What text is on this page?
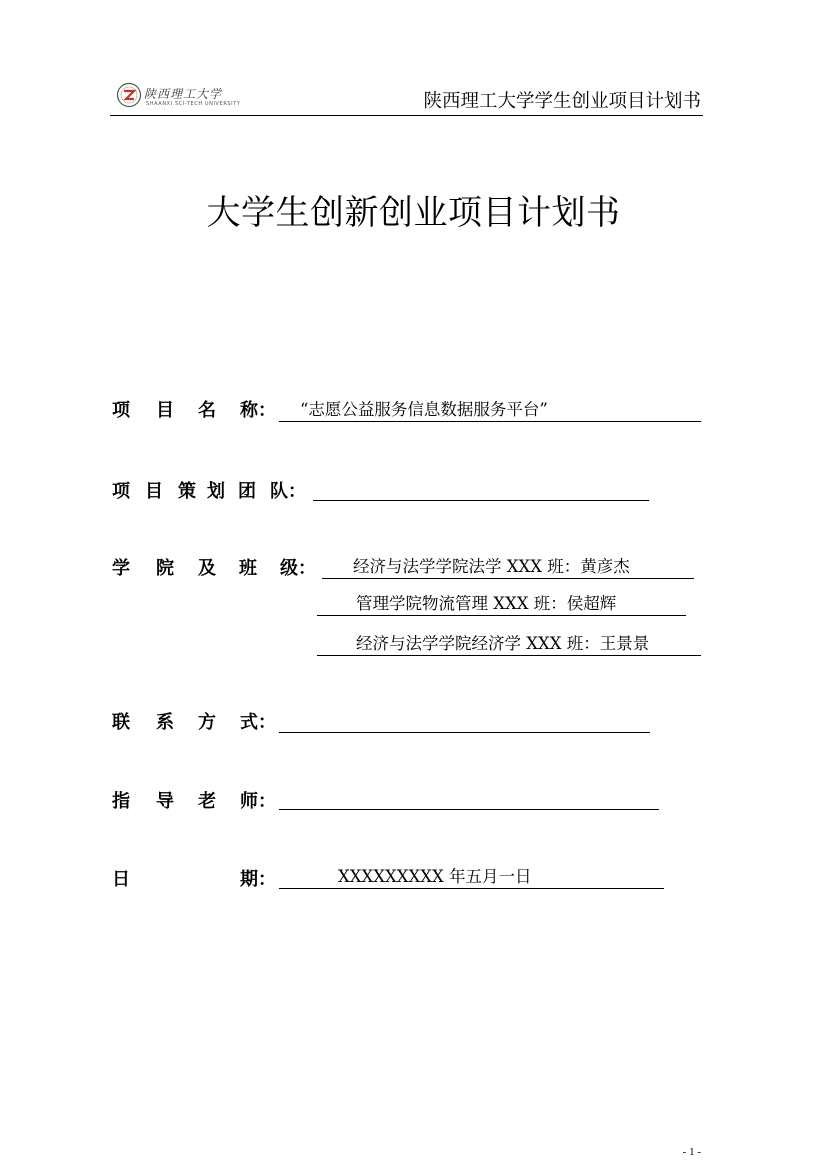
陕西理工大学
SHAANXI SCI-TECH UNIVERSITY	陕西理工大学学生创业项目计划书
大学生创新创业项目计划书
项 目 名 称： “志愿公益服务信息数据服务平台”
项 目 策 划 团 队：
学 院 及 班 级： 经济与法学学院法学 XXX 班：黄彦杰
管理学院物流管理 XXX 班：侯超辉
经济与法学学院经济学 XXX 班：王景景
联 系 方 式：
指 导 老 师：
日	期：	XXXXXXXXX 年五月一日
- 1 -
